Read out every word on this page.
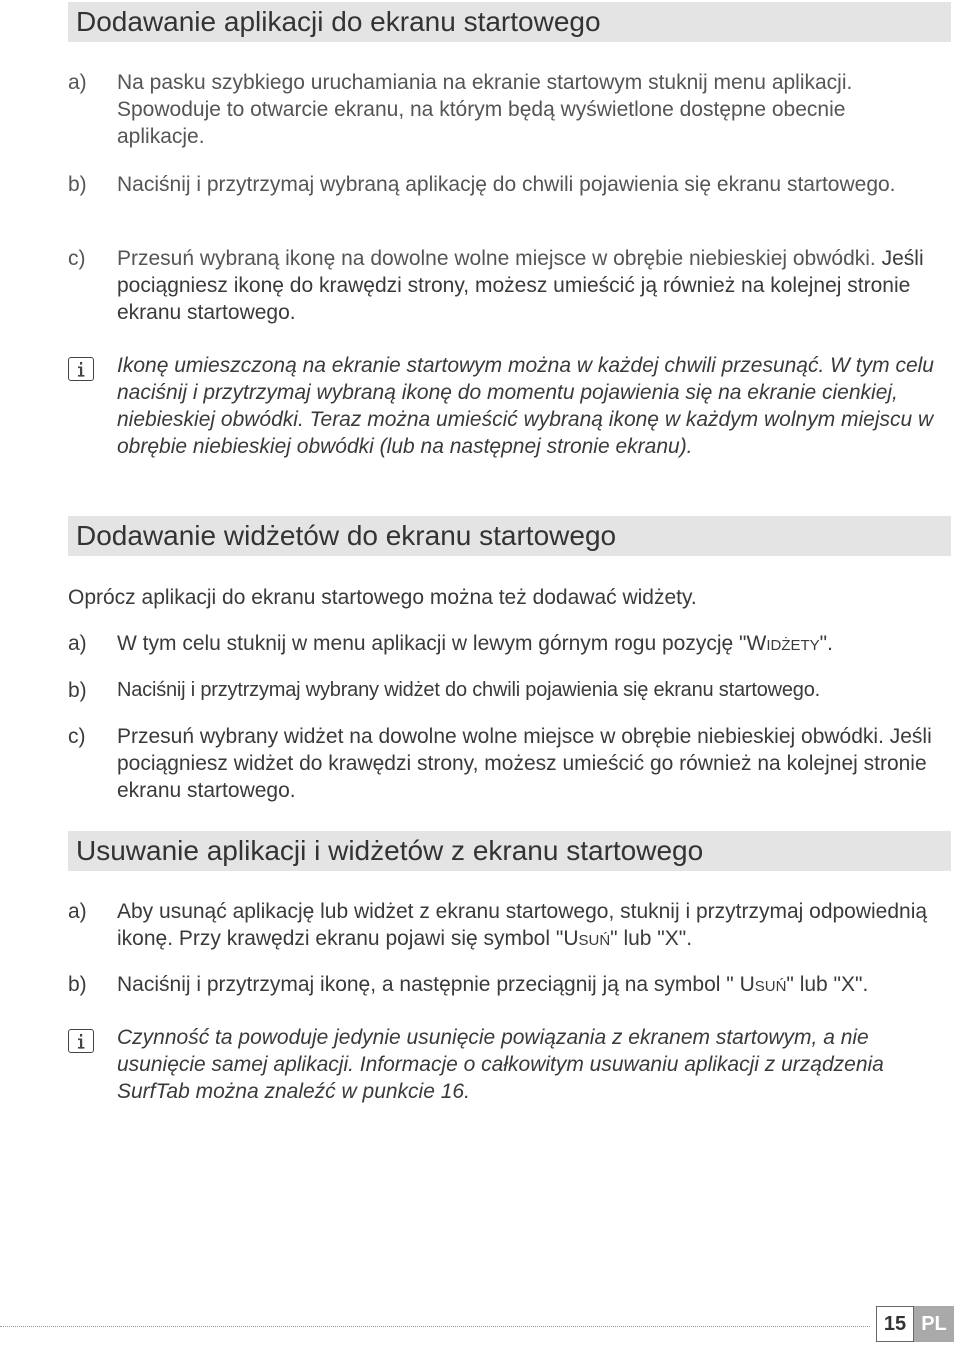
Dodawanie aplikacji do ekranu startowego
a)	Na pasku szybkiego uruchamiania na ekranie startowym stuknij menu aplikacji. Spowoduje to otwarcie ekranu, na którym będą wyświetlone dostępne obecnie aplikacje.
b)	Naciśnij i przytrzymaj wybraną aplikację do chwili pojawienia się ekranu startowego.
c)	Przesuń wybraną ikonę na dowolne wolne miejsce w obrębie niebieskiej obwódki. Jeśli pociągniesz ikonę do krawędzi strony, możesz umieścić ją również na kolejnej stronie ekranu startowego.
Ikonę umieszczoną na ekranie startowym można w każdej chwili przesunąć. W tym celu naciśnij i przytrzymaj wybraną ikonę do momentu pojawienia się na ekranie cienkiej, niebieskiej obwódki. Teraz można umieścić wybraną ikonę w każdym wolnym miejscu w obrębie niebieskiej obwódki (lub na następnej stronie ekranu).
Dodawanie widżetów do ekranu startowego
Oprócz aplikacji do ekranu startowego można też dodawać widżety.
a)	W tym celu stuknij w menu aplikacji w lewym górnym rogu pozycję "Widżety".
b)	Naciśnij i przytrzymaj wybrany widżet do chwili pojawienia się ekranu startowego.
c)	Przesuń wybrany widżet na dowolne wolne miejsce w obrębie niebieskiej obwódki. Jeśli pociągniesz widżet do krawędzi strony, możesz umieścić go również na kolejnej stronie ekranu startowego.
Usuwanie aplikacji i widżetów z ekranu startowego
a)	Aby usunąć aplikację lub widżet z ekranu startowego, stuknij i przytrzymaj odpowiednią ikonę. Przy krawędzi ekranu pojawi się symbol "Usuń" lub "X".
b)	Naciśnij i przytrzymaj ikonę, a następnie przeciągnij ją na symbol " Usuń" lub "X".
Czynność ta powoduje jedynie usunięcie powiązania z ekranem startowym, a nie usunięcie samej aplikacji. Informacje o całkowitym usuwaniu aplikacji z urządzenia SurfTab można znaleźć w punkcie 16.
15 PL
